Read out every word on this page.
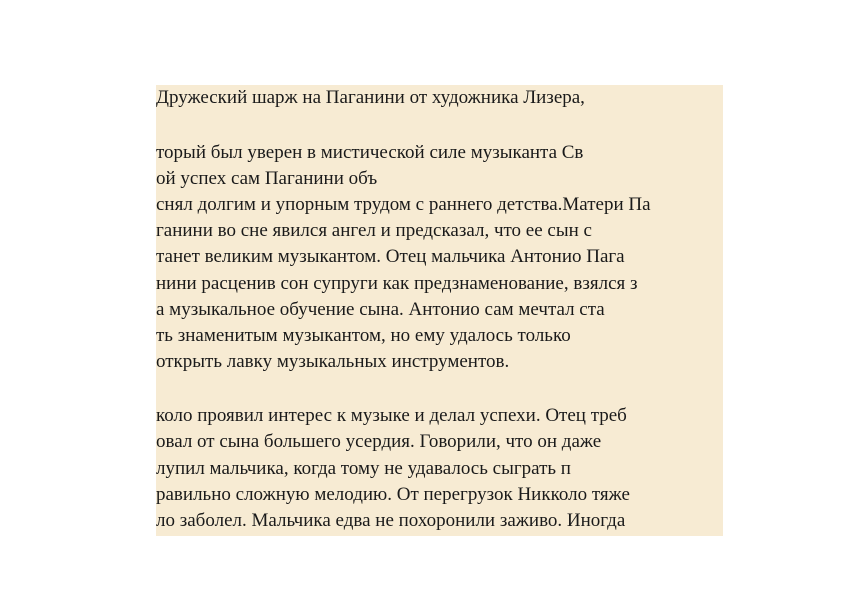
Дружеский шарж на Паганини от художника Лизера,
торый был уверен в мистической силе музыканта Св
ой успех сам Паганини объ
снял долгим и упорным трудом с раннего детства.Матери Па
ганини во сне явился ангел и предсказал, что ее сын с
танет великим музыкантом. Отец мальчика Антонио Пага
нини расценив сон супруги как предзнаменование, взялся з
а музыкальное обучение сына. Антонио сам мечтал ста
ть знаменитым музыкантом, но ему удалось только
открыть лавку музыкальных инструментов.
коло проявил интерес к музыке и делал успехи. Отец треб
овал от сына большего усердия. Говорили, что он даже
лупил мальчика, когда тому не удавалось сыграть п
равильно сложную мелодию. От перегрузок Никколо тяже
ло заболел. Мальчика едва не похоронили заживо. Иногда
